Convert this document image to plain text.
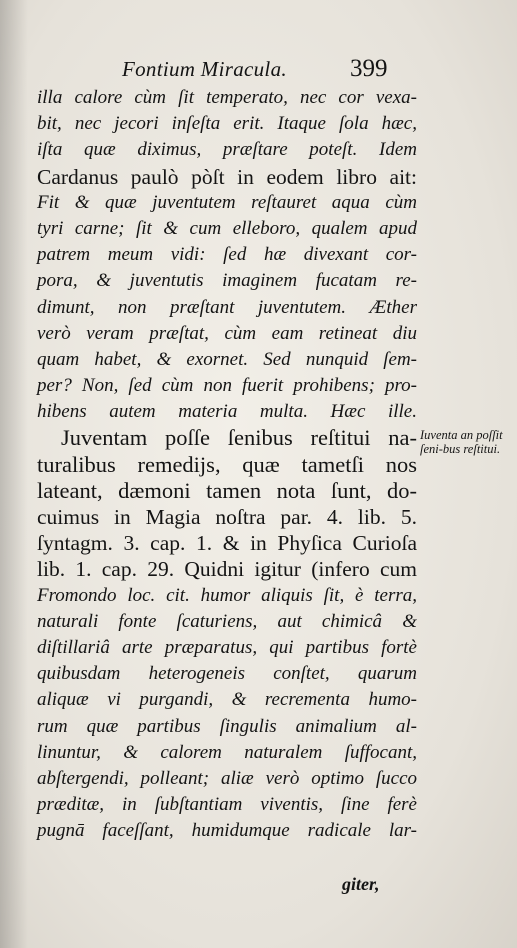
Fontium Miracula.	399
illa calore cùm ſit temperato, nec cor vexa-
bit, nec jecori inſeſta erit. Itaque ſola hæc,
iſta quæ diximus, præſtare poteſt. Idem
Cardanus paulò pòſt in eodem libro ait:
Fit & quæ juventutem reſtauret aqua cùm
tyri carne; ſit & cum elleboro, qualem apud
patrem meum vidi: ſed hæ divexant cor-
pora, & juventutis imaginem fucatam re-
dimunt, non præſtant juventutem. Æther
verò veram præſtat, cùm eam retineat diu
quam habet, & exornet. Sed nunquid ſem-
per? Non, ſed cùm non fuerit prohibens; pro-
hibens autem materia multa. Hæc ille.
Juventam poſſe ſenibus reſtitui na-
turalibus remedijs, quæ tametſi nos
lateant, dæmoni tamen nota ſunt, do-
cuimus in Magia noſtra par. 4. lib. 5.
ſyntagm. 3. cap. 1. & in Phyſica Curioſa
lib. 1. cap. 29. Quidni igitur (infero cum
Fromondo loc. cit. humor aliquis ſit, è terra,
naturali fonte ſcaturiens, aut chimicâ &
diſtillariâ arte præparatus, qui partibus fortè
quibusdam heterogeneis conſtet, quarum
aliquæ vi purgandi, & recrementa humo-
rum quæ partibus ſingulis animalium al-
linuntur, & calorem naturalem ſuffocant,
abſtergendi, polleant; aliæ verò optimo ſucco
præditæ, in ſubſtantiam viventis, ſine ferè
pugnā faceſſant, humidumque radicale lar-
Iuventa an poſſit ſeni-bus reſtitui.
giter,
